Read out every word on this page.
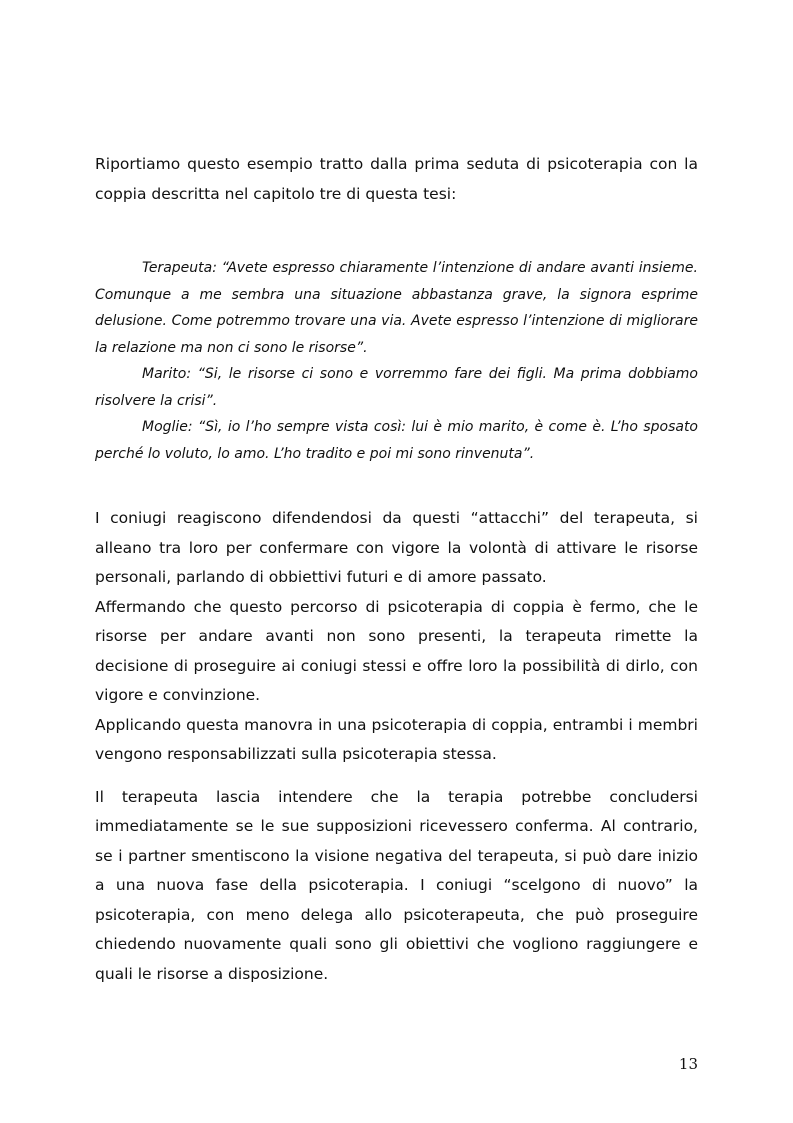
Riportiamo questo esempio tratto dalla prima seduta di psicoterapia con la coppia descritta nel capitolo tre di questa tesi:

Terapeuta: “Avete espresso chiaramente l’intenzione di andare avanti insieme. Comunque a me sembra una situazione abbastanza grave, la signora esprime delusione. Come potremmo trovare una via. Avete espresso l’intenzione di migliorare la relazione ma non ci sono le risorse”.

Marito: “Si, le risorse ci sono e vorremmo fare dei figli. Ma prima dobbiamo risolvere la crisi”.

Moglie: “Sì, io l’ho sempre vista così: lui è mio marito, è come è. L’ho sposato perché lo voluto, lo amo. L’ho tradito e poi mi sono rinvenuta”.

I coniugi reagiscono difendendosi da questi “attacchi” del terapeuta, si alleano tra loro per confermare con vigore la volontà di attivare le risorse personali, parlando di obbiettivi futuri e di amore passato.

Affermando che questo percorso di psicoterapia di coppia è fermo, che le risorse per andare avanti non sono presenti, la terapeuta rimette la decisione di proseguire ai coniugi stessi e offre loro la possibilità di dirlo, con vigore e convinzione.

Applicando questa manovra in una psicoterapia di coppia, entrambi i membri vengono responsabilizzati sulla psicoterapia stessa.

Il terapeuta lascia intendere che la terapia potrebbe concludersi immediatamente se le sue supposizioni ricevessero conferma. Al contrario, se i partner smentiscono la visione negativa del terapeuta, si può dare inizio a una nuova fase della psicoterapia. I coniugi “scelgono di nuovo” la psicoterapia, con meno delega allo psicoterapeuta, che può proseguire chiedendo nuovamente quali sono gli obiettivi che vogliono raggiungere e quali le risorse a disposizione.

13
